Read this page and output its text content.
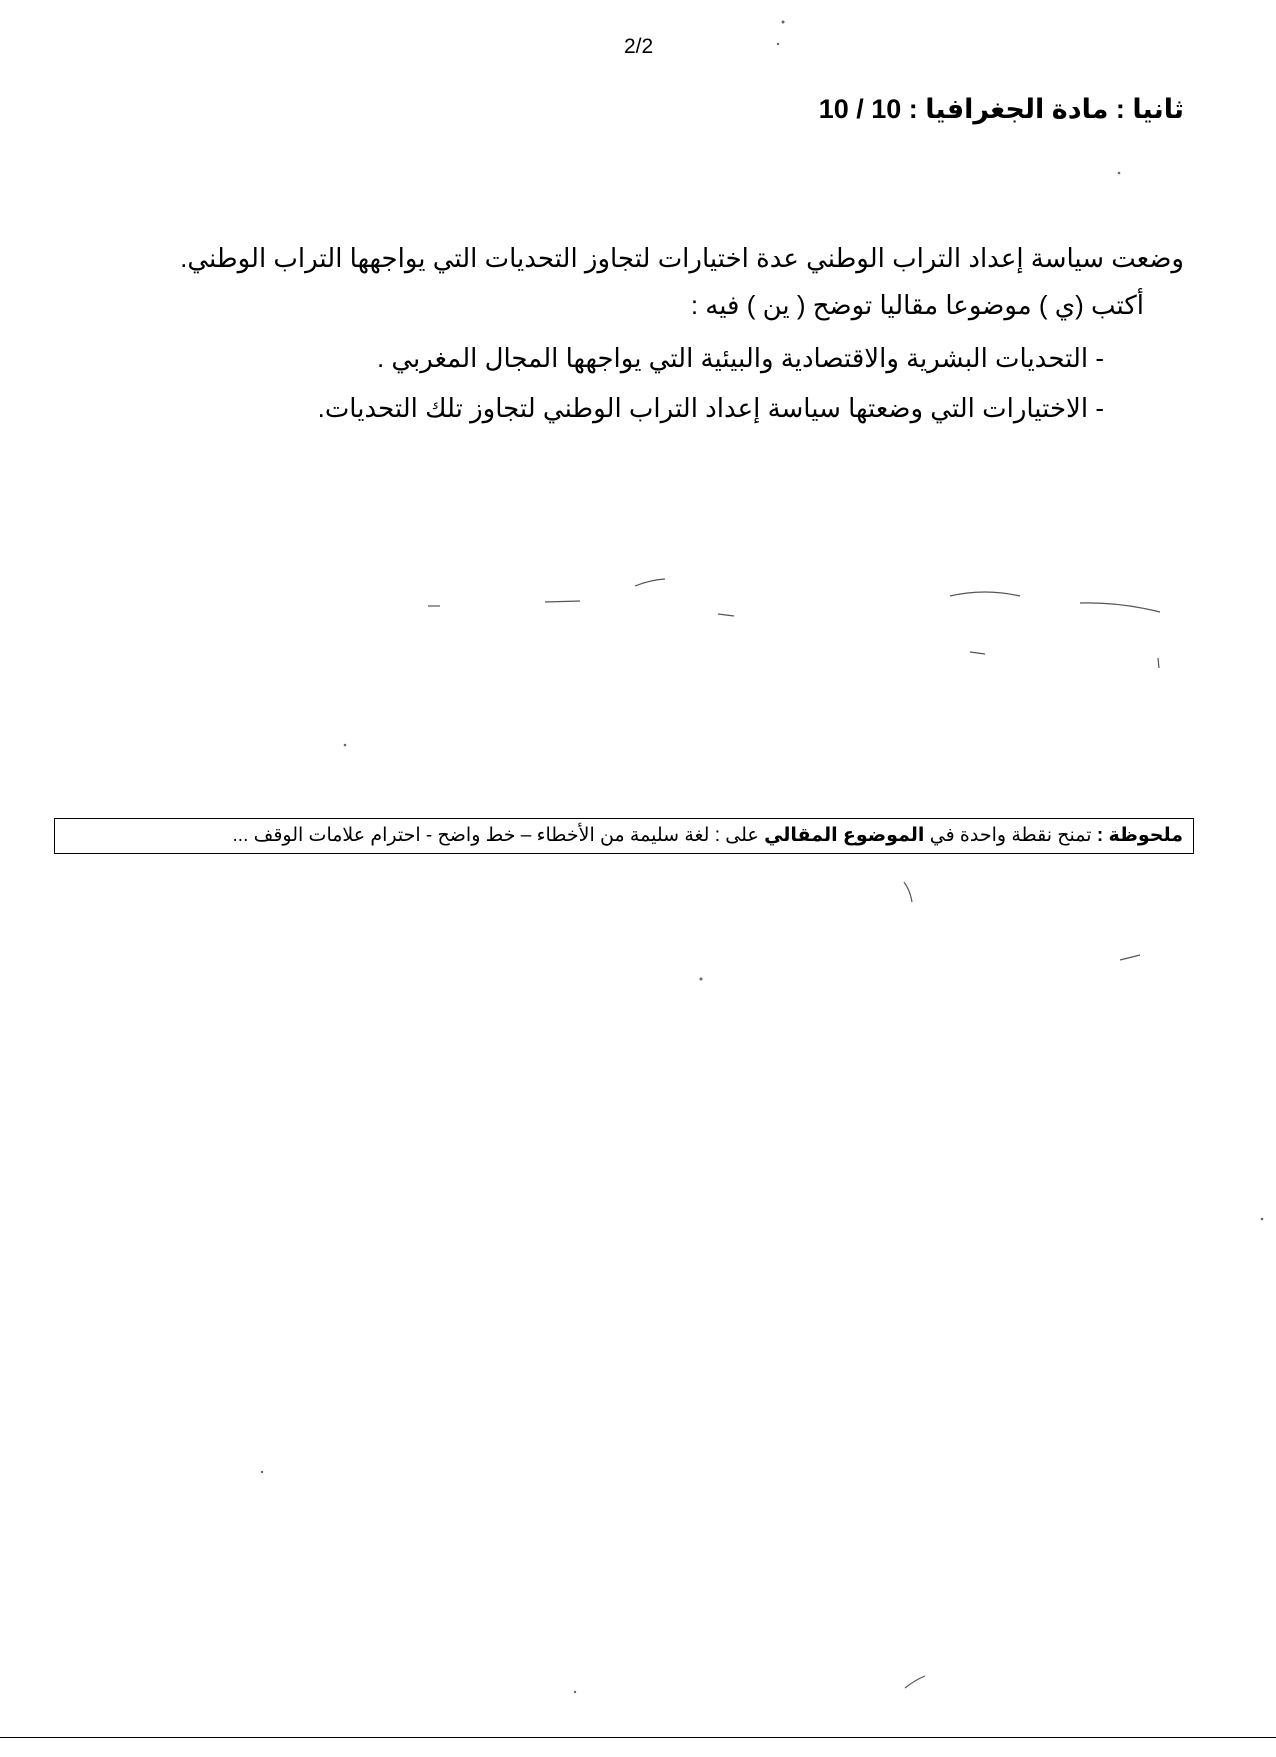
2/2
ثانيا : مادة الجغرافيا : 10 / 10
وضعت سياسة إعداد التراب الوطني عدة اختيارات لتجاوز التحديات التي يواجهها التراب الوطني.
أكتب (ي ) موضوعا مقاليا توضح ( ين ) فيه :
- التحديات البشرية والاقتصادية والبيئية التي يواجهها المجال المغربي .
- الاختيارات التي وضعتها سياسة إعداد التراب الوطني لتجاوز تلك التحديات.
ملحوظة : تمنح نقطة واحدة في الموضوع المقالي على : لغة سليمة من الأخطاء – خط واضح - احترام علامات الوقف ...
